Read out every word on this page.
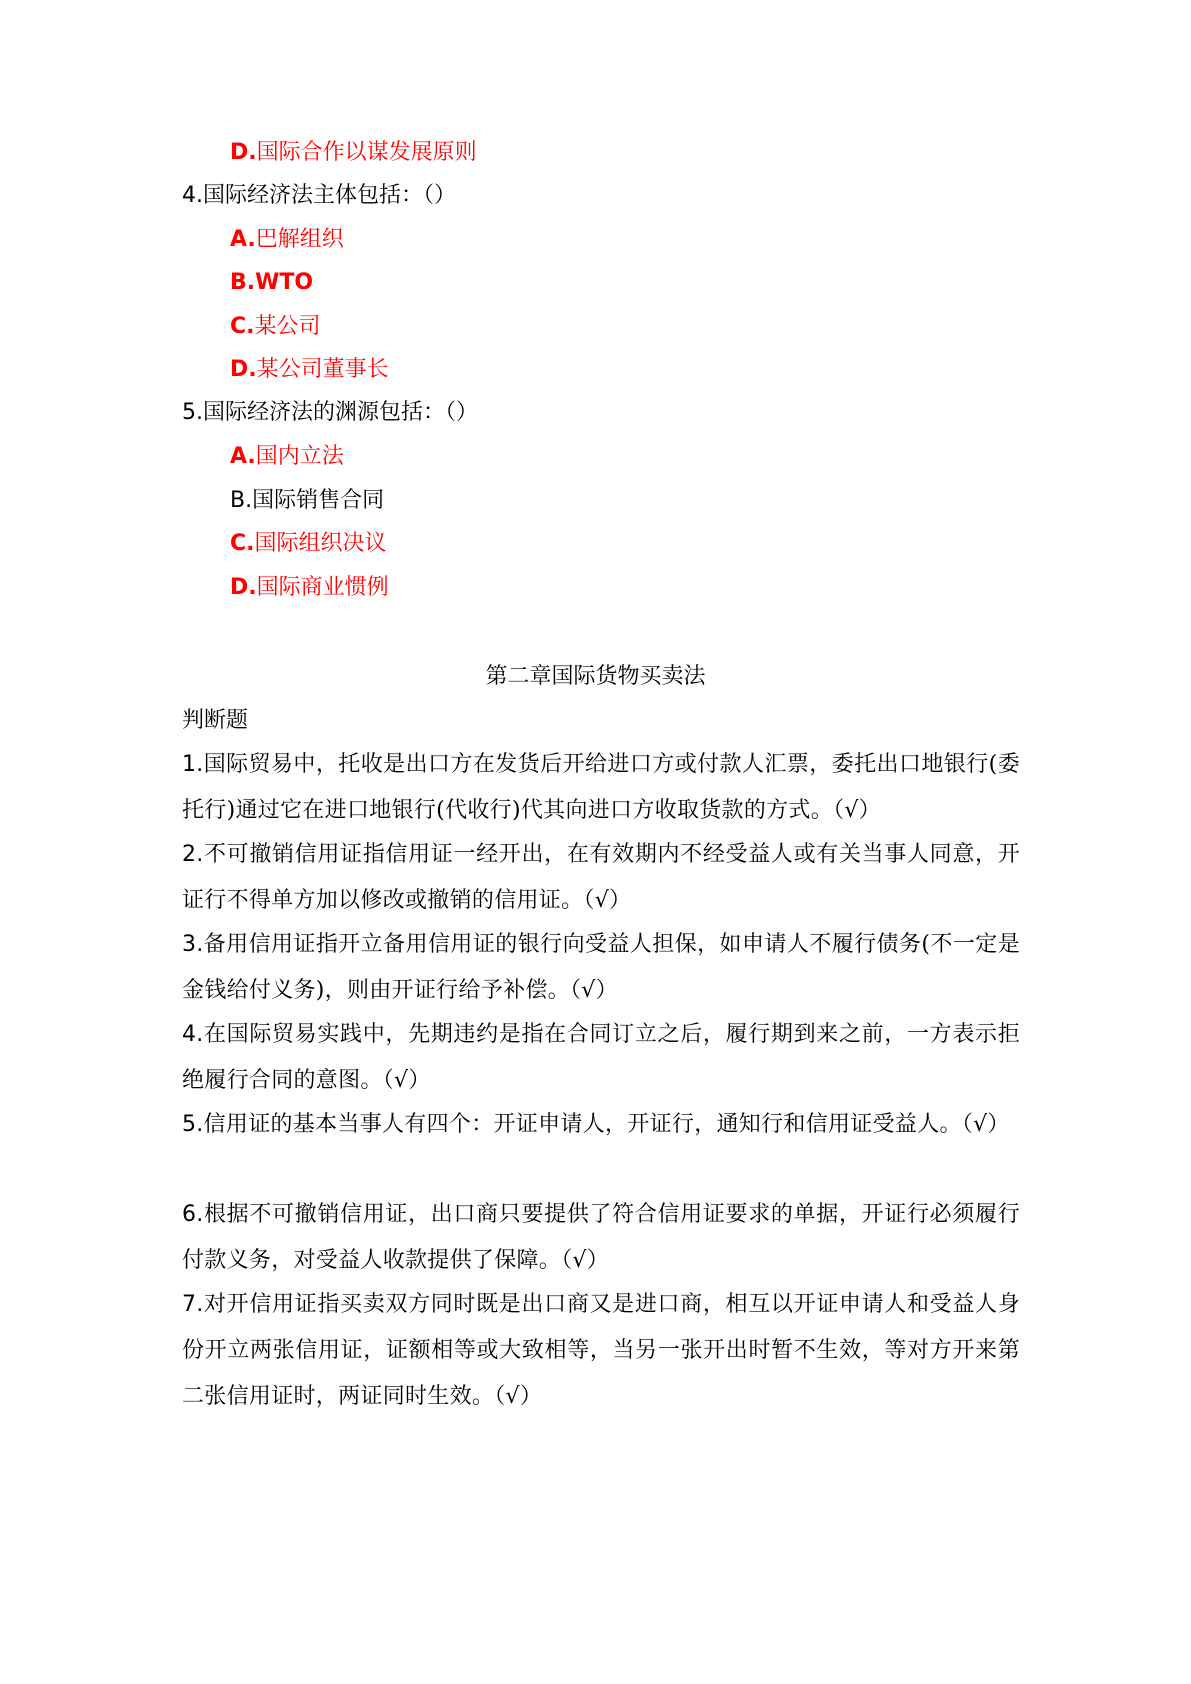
D.国际合作以谋发展原则
4.国际经济法主体包括：（）
A.巴解组织
B.WTO
C.某公司
D.某公司董事长
5.国际经济法的渊源包括：（）
A.国内立法
B.国际销售合同
C.国际组织决议
D.国际商业惯例
第二章国际货物买卖法
判断题
1.国际贸易中，托收是出口方在发货后开给进口方或付款人汇票，委托出口地银行(委托行)通过它在进口地银行(代收行)代其向进口方收取货款的方式。（√）
2.不可撤销信用证指信用证一经开出，在有效期内不经受益人或有关当事人同意，开证行不得单方加以修改或撤销的信用证。（√）
3.备用信用证指开立备用信用证的银行向受益人担保，如申请人不履行债务(不一定是金钱给付义务)，则由开证行给予补偿。（√）
4.在国际贸易实践中，先期违约是指在合同订立之后，履行期到来之前，一方表示拒绝履行合同的意图。（√）
5.信用证的基本当事人有四个：开证申请人，开证行，通知行和信用证受益人。（√）
6.根据不可撤销信用证，出口商只要提供了符合信用证要求的单据，开证行必须履行付款义务，对受益人收款提供了保障。（√）
7.对开信用证指买卖双方同时既是出口商又是进口商，相互以开证申请人和受益人身份开立两张信用证，证额相等或大致相等，当另一张开出时暂不生效，等对方开来第二张信用证时，两证同时生效。（√）
